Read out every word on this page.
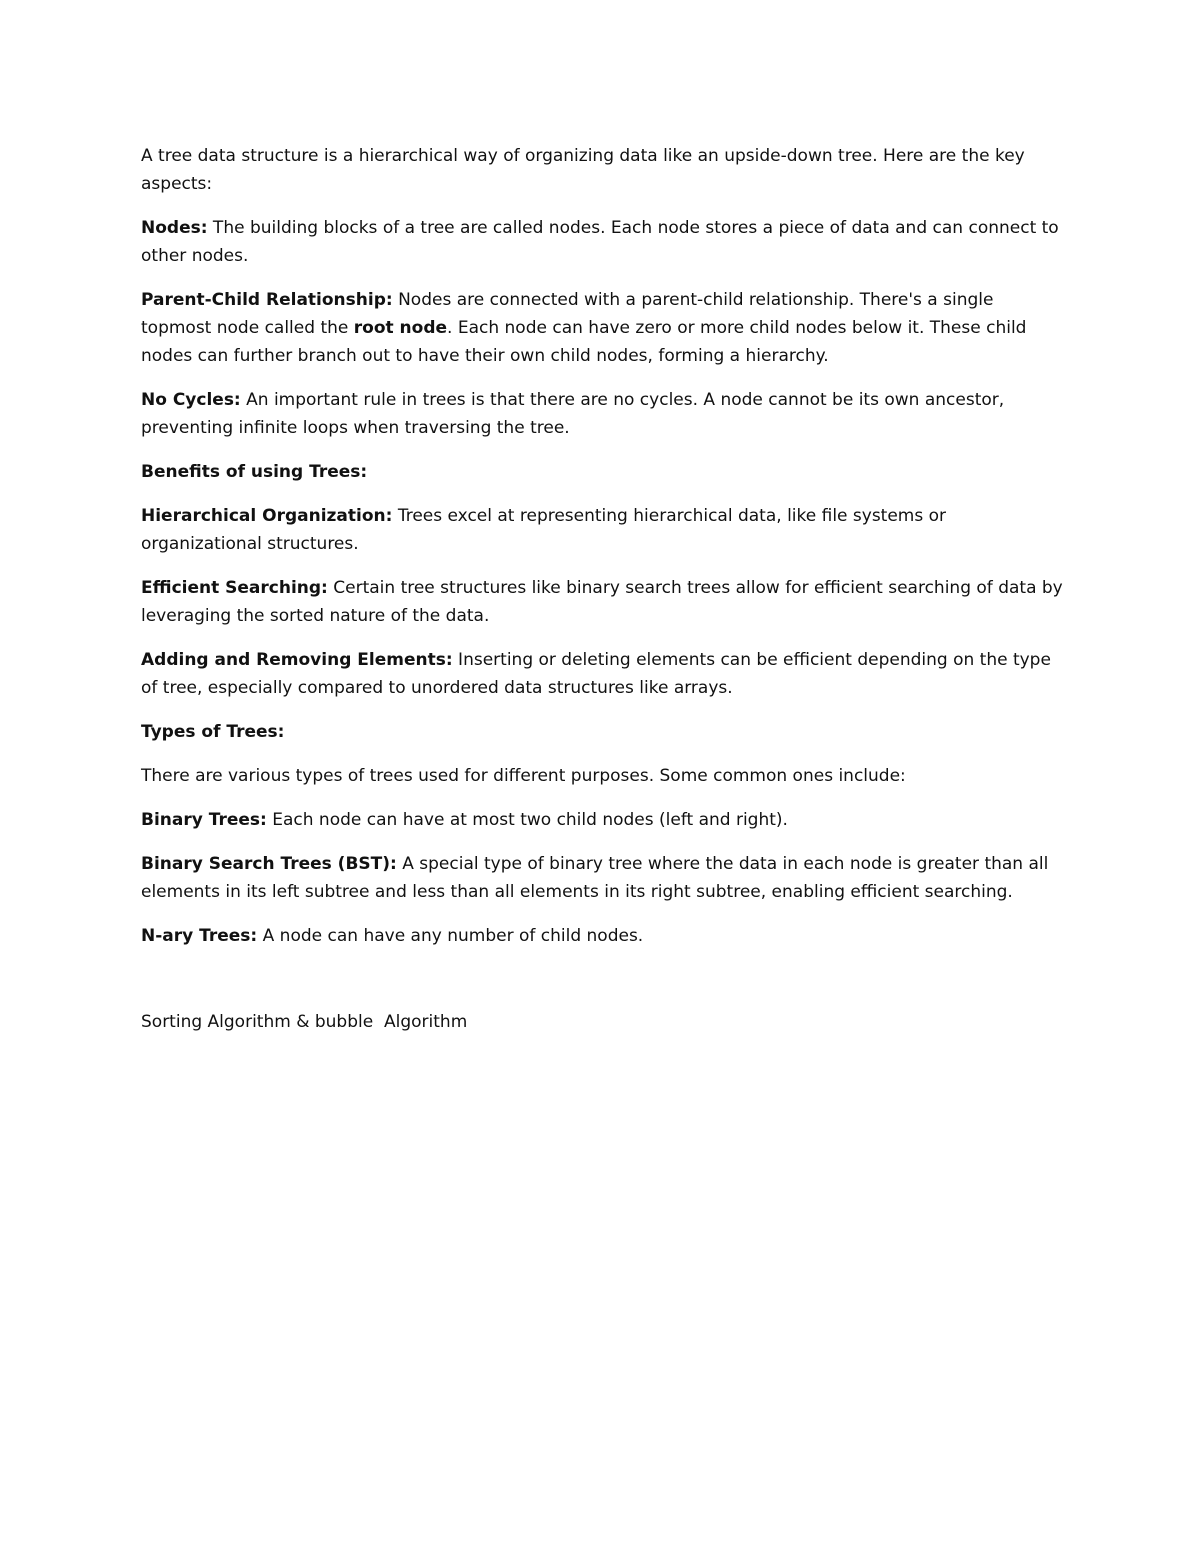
A tree data structure is a hierarchical way of organizing data like an upside-down tree. Here are the key aspects:

Nodes: The building blocks of a tree are called nodes. Each node stores a piece of data and can connect to other nodes.

Parent-Child Relationship: Nodes are connected with a parent-child relationship. There's a single topmost node called the root node. Each node can have zero or more child nodes below it. These child nodes can further branch out to have their own child nodes, forming a hierarchy.

No Cycles: An important rule in trees is that there are no cycles. A node cannot be its own ancestor, preventing infinite loops when traversing the tree.

Benefits of using Trees:

Hierarchical Organization: Trees excel at representing hierarchical data, like file systems or organizational structures.

Efficient Searching: Certain tree structures like binary search trees allow for efficient searching of data by leveraging the sorted nature of the data.

Adding and Removing Elements: Inserting or deleting elements can be efficient depending on the type of tree, especially compared to unordered data structures like arrays.

Types of Trees:

There are various types of trees used for different purposes. Some common ones include:

Binary Trees: Each node can have at most two child nodes (left and right).

Binary Search Trees (BST): A special type of binary tree where the data in each node is greater than all elements in its left subtree and less than all elements in its right subtree, enabling efficient searching.

N-ary Trees: A node can have any number of child nodes.

Sorting Algorithm & bubble  Algorithm
